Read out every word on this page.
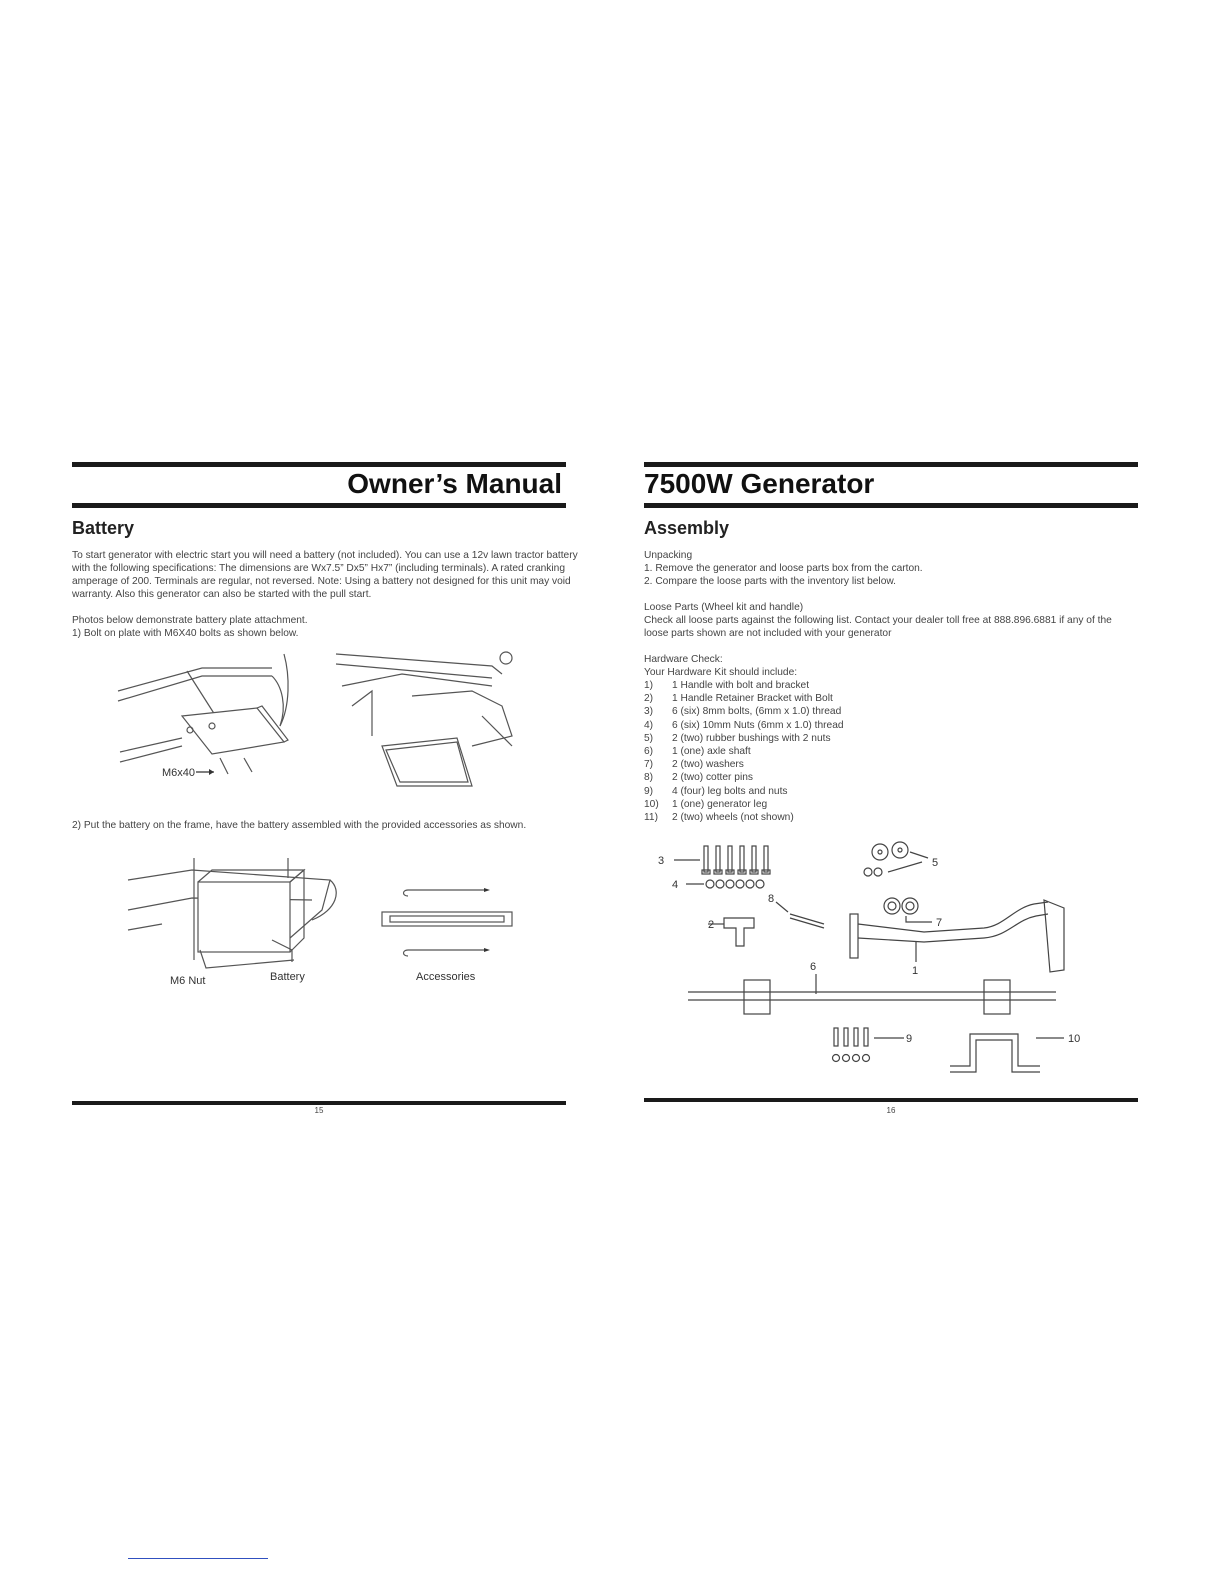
Owner’s Manual
Battery

To start generator with electric start you will need a battery (not included). You can use a 12v lawn tractor battery with the following specifications: The dimensions are Wx7.5” Dx5” Hx7” (including terminals). A rated cranking amperage of 200. Terminals are regular, not reversed. Note: Using a battery not designed for this unit may void warranty. Also this generator can also be started with the pull start.

Photos below demonstrate battery plate attachment.

1) Bolt on plate with M6X40 bolts as shown below.

M6x40

2) Put the battery on the frame, have the battery assembled with the provided accessories as shown.

M6 Nut	Battery	Accessories
15
7500W Generator
Assembly

Unpacking

1. Remove the generator and loose parts box from the carton.

2. Compare the loose parts with the inventory list below.

Loose Parts (Wheel kit and handle)

Check all loose parts against the following list. Contact your dealer toll free at 888.896.6881 if any of the loose parts shown are not included with your generator

Hardware Check:

Your Hardware Kit should include:

1)	1 Handle with bolt and bracket
2)	1 Handle Retainer Bracket with Bolt
3)	6 (six) 8mm bolts, (6mm x 1.0) thread
4)	6 (six) 10mm Nuts (6mm x 1.0) thread
5)	2 (two) rubber bushings with 2 nuts
6)	1 (one) axle shaft
7)	2 (two) washers
8)	2 (two) cotter pins
9)	4 (four) leg bolts and nuts
10)	1 (one) generator leg
11)	2 (two) wheels (not shown)
3
4
5
7
8
2
1
6
9	10
16
